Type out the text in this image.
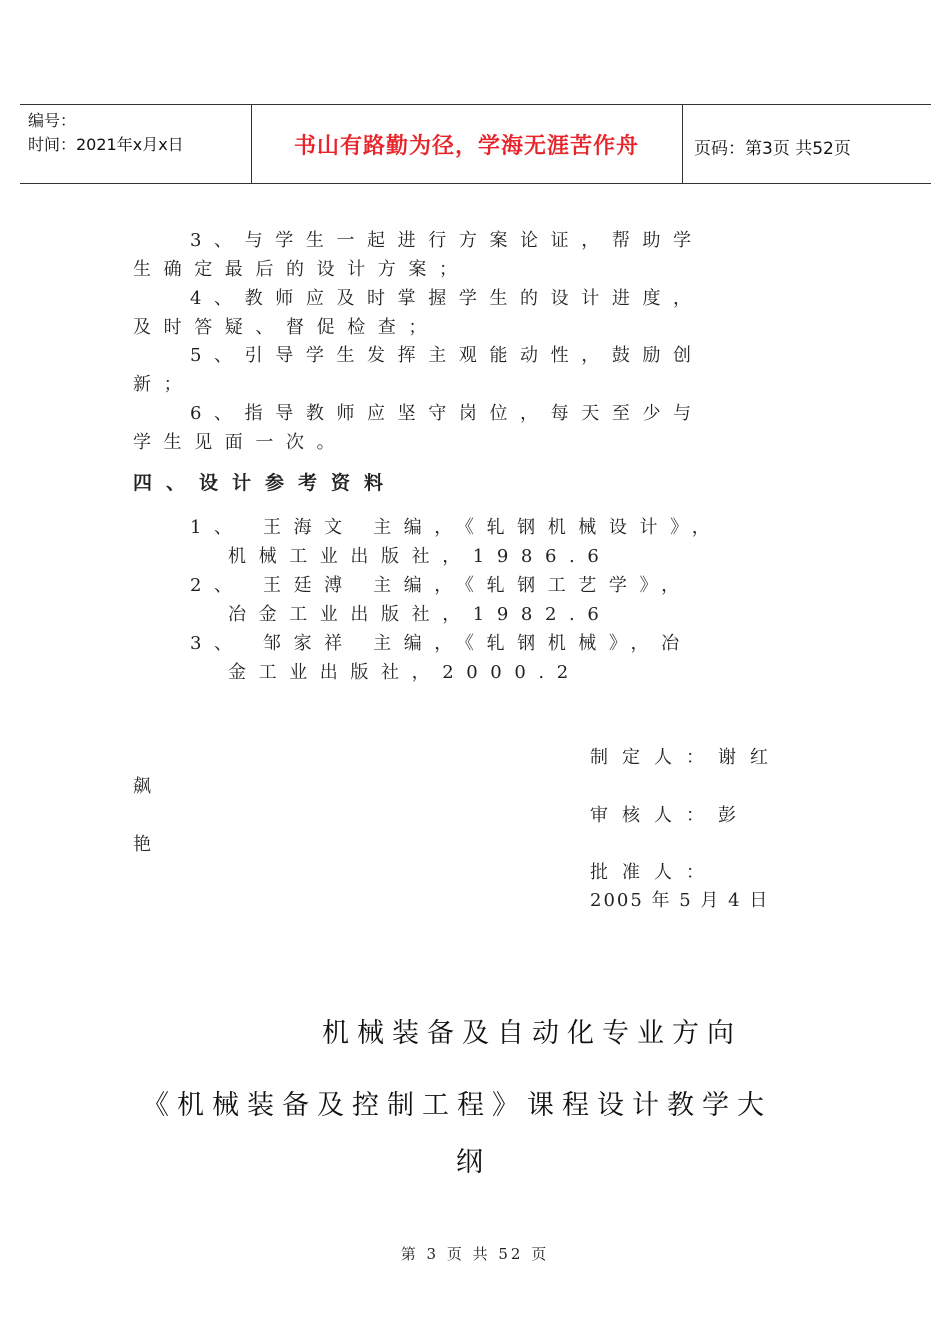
编号：
时间：2021年x月x日	书山有路勤为径，学海无涯苦作舟	页码：第3页 共52页
3、与学生一起进行方案论证，帮助学
生确定最后的设计方案；
4、教师应及时掌握学生的设计进度，
及时答疑、督促检查；
5、引导学生发挥主观能动性，鼓励创
新；
6、指导教师应坚守岗位，每天至少与
学生见面一次。
四、设计参考资料
1、 王海文 主编，《轧钢机械设计》，
机械工业出版社，1986.6
2、 王廷溥 主编，《轧钢工艺学》，
冶金工业出版社，1982.6
3、 邹家祥 主编，《轧钢机械》，冶
金工业出版社，2000.2
制定人：谢红
飙
审核人：彭
艳
批准人：
2005 年 5 月 4 日
机械装备及自动化专业方向
《机械装备及控制工程》课程设计教学大
纲
第 3 页 共 52 页
